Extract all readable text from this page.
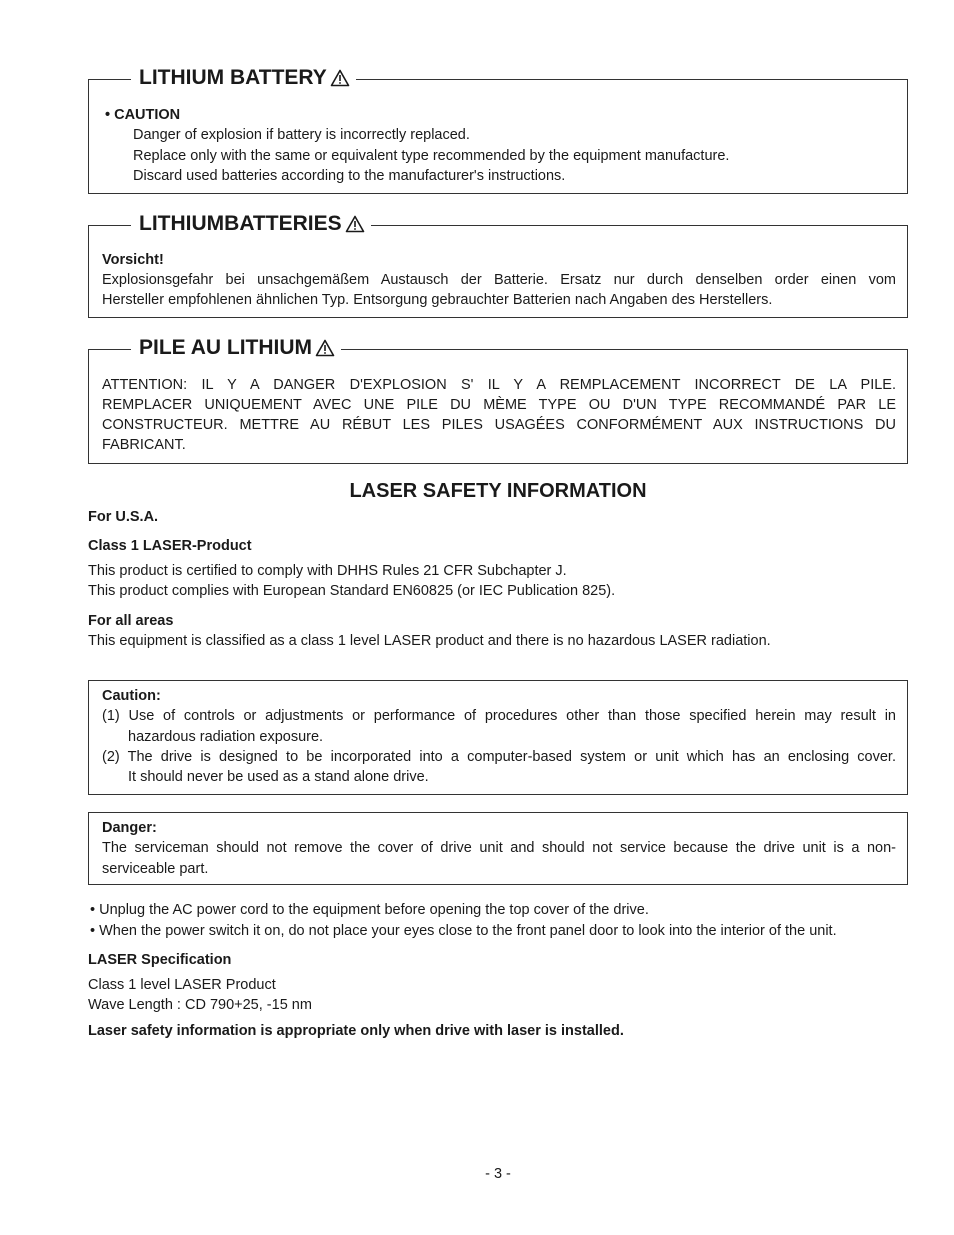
LITHIUM BATTERY
• CAUTION
Danger of explosion if battery is incorrectly replaced.
Replace only with the same or equivalent type recommended by the equipment manufacture.
Discard used batteries according to the manufacturer's instructions.
LITHIUMBATTERIES
Vorsicht!
Explosionsgefahr bei unsachgemäßem Austausch der Batterie. Ersatz nur durch denselben order einen vom
Hersteller empfohlenen ähnlichen Typ. Entsorgung gebrauchter Batterien nach Angaben des Herstellers.
PILE AU LITHIUM
ATTENTION: IL Y A DANGER D'EXPLOSION S' IL Y A REMPLACEMENT INCORRECT DE LA PILE.
REMPLACER UNIQUEMENT AVEC UNE PILE DU MÈME TYPE OU D'UN TYPE RECOMMANDÉ PAR LE
CONSTRUCTEUR. METTRE AU RÉBUT LES PILES USAGÉES CONFORMÉMENT AUX INSTRUCTIONS DU
FABRICANT.
LASER SAFETY INFORMATION
For U.S.A.
Class 1 LASER-Product
This product is certified to comply with DHHS Rules 21 CFR Subchapter J.
This product complies with European Standard EN60825 (or IEC Publication 825).
For all areas
This equipment is classified as a class 1 level LASER product and there is no hazardous LASER radiation.
Caution:
(1) Use of controls or adjustments or performance of procedures other than those specified herein may result in
hazardous radiation exposure.
(2) The drive is designed to be incorporated into a computer-based system or unit which has an enclosing cover.
It should never be used as a stand alone drive.
Danger:
The serviceman should not remove the cover of drive unit and should not service because the drive unit is a non-
serviceable part.
• Unplug the AC power cord to the equipment before opening the top cover of the drive.
• When the power switch it on, do not place your eyes close to the front panel door to look into the interior of the unit.
LASER Specification
Class 1 level LASER Product
Wave Length : CD 790+25, -15 nm
Laser safety information is appropriate only when drive with laser is installed.
- 3 -
